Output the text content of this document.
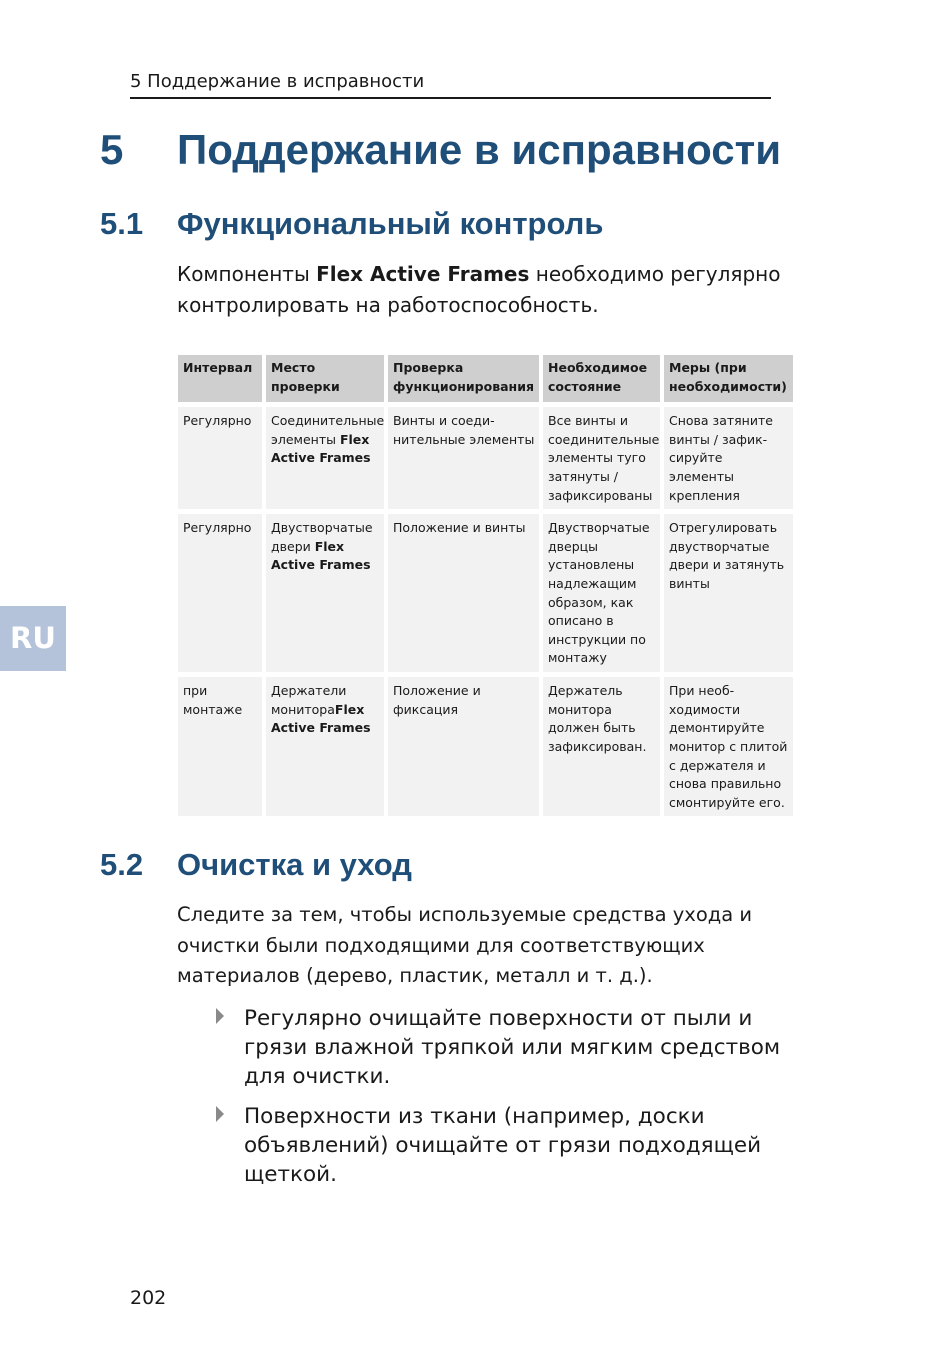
5 Поддержание в исправности
RU
5 Поддержание в исправности
5.1 Функциональный контроль

Компоненты Flex Active Frames необходимо регулярно контролировать на работоспособность.

Интервал	Место проверки	Проверка функционирования	Необходимое состояние	Меры (при необходимости)
Регулярно	Соединительные элементы Flex Active Frames	Винты и соеди-нительные элементы	Все винты и соединительные элементы туго затянуты / зафиксированы	Снова затяните винты / зафик-сируйте элементы крепления
Регулярно	Двустворчатые двери Flex Active Frames	Положение и винты	Двустворчатые дверцы установлены надлежащим образом, как описано в инструкции по монтажу	Отрегулировать двустворчатые двери и затянуть винты
при монтаже	Держатели монитораFlex Active Frames	Положение и фиксация	Держатель монитора должен быть зафиксирован.	При необ-ходимости демонтируйте монитор с плитой с держателя и снова правильно смонтируйте его.
5.2 Очистка и уход

Следите за тем, чтобы используемые средства ухода и очистки были подходящими для соответствующих материалов (дерево, пластик, металл и т. д.).

Регулярно очищайте поверхности от пыли и грязи влажной тряпкой или мягким средством для очистки.
Поверхности из ткани (например, доски объявлений) очищайте от грязи подходящей щеткой.
202
